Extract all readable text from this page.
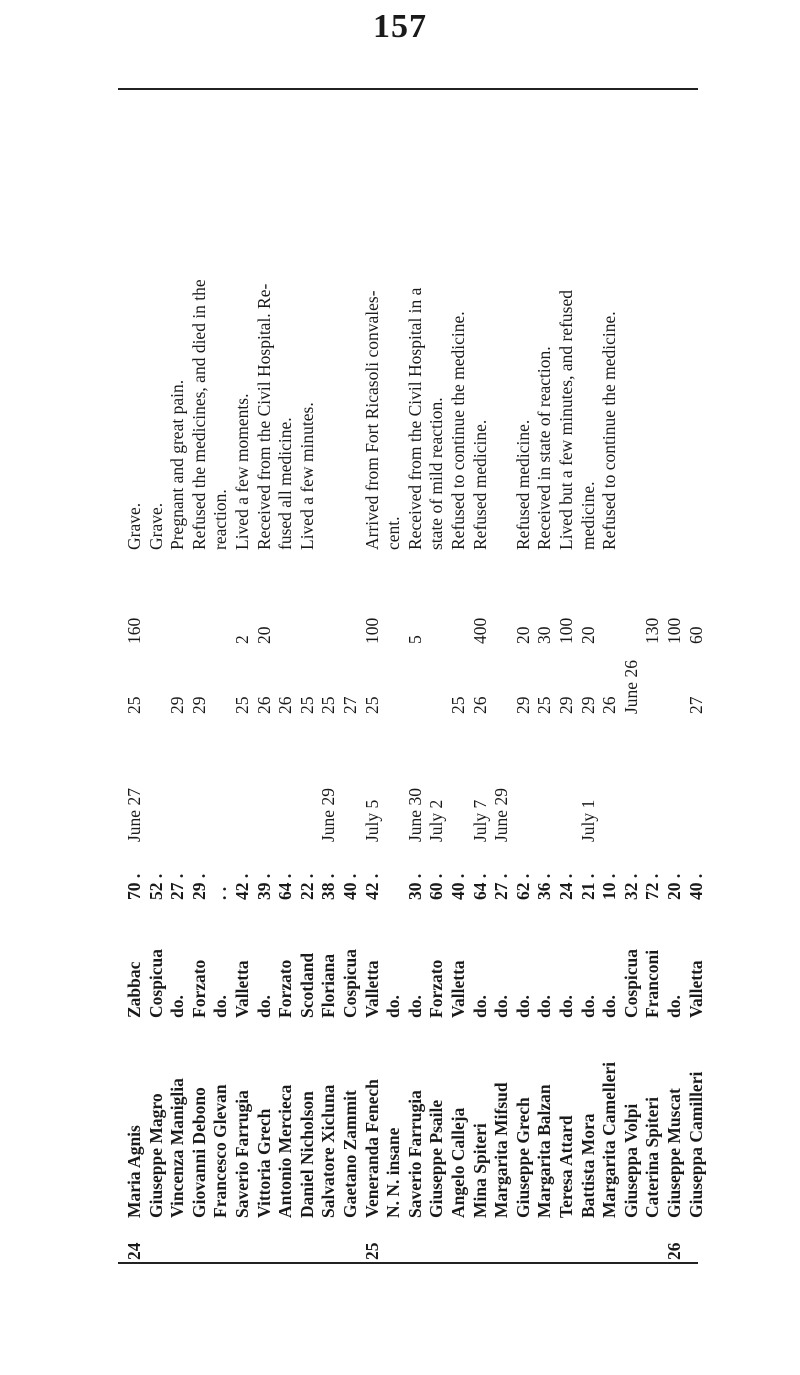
157
24
Maria Agnis
Zabbac
70 .
June 27
25
160
Grave.
Giuseppe Magro
Cospicua
52 .
Grave.
Vincenza Maniglia
do.
27 .
29
Pregnant and great pain.
Giovanni Debono
Forzato
29 .
29
Refused the medicines, and died in the
Francesco Glevan
do.
. .
reaction.
Saverio Farrugia
Valletta
42 .
25
2
Lived a few moments.
Vittoria Grech
do.
39 .
26
20
Received from the Civil Hospital. Re-
Antonio Mercieca
Forzato
64 .
26
fused all medicine.
Daniel Nicholson
Scotland
22 .
25
Lived a few minutes.
Salvatore Xicluna
Floriana
38 .
June 29
25
Gaetano Zammit
Cospicua
40 .
27
25
Veneranda Fenech
Valletta
42 .
July 5
25
100
Arrived from Fort Ricasoli convales-
N. N. insane
do.
cent.
Saverio Farrugia
do.
30 .
June 30
5
Received from the Civil Hospital in a
Giuseppe Psaile
Forzato
60 .
July 2
state of mild reaction.
Angelo Calleja
Valletta
40 .
25
Refused to continue the medicine.
Mina Spiteri
do.
64 .
July 7
26
400
Refused medicine.
Margarita Mifsud
do.
27 .
June 29
Giuseppe Grech
do.
62 .
29
20
Refused medicine.
Margarita Balzan
do.
36 .
25
30
Received in state of reaction.
Teresa Attard
do.
24 .
29
100
Lived but a few minutes, and refused
Battista Mora
do.
21 .
July 1
29
20
medicine.
Margarita Camelleri
do.
10 .
26
Refused to continue the medicine.
Giuseppa Volpi
Cospicua
32 .
June 26
Caterina Spiteri
Franconi
72 .
130
26
Giuseppe Muscat
do.
20 .
100
Giuseppa Camilleri
Valletta
40 .
27
60
